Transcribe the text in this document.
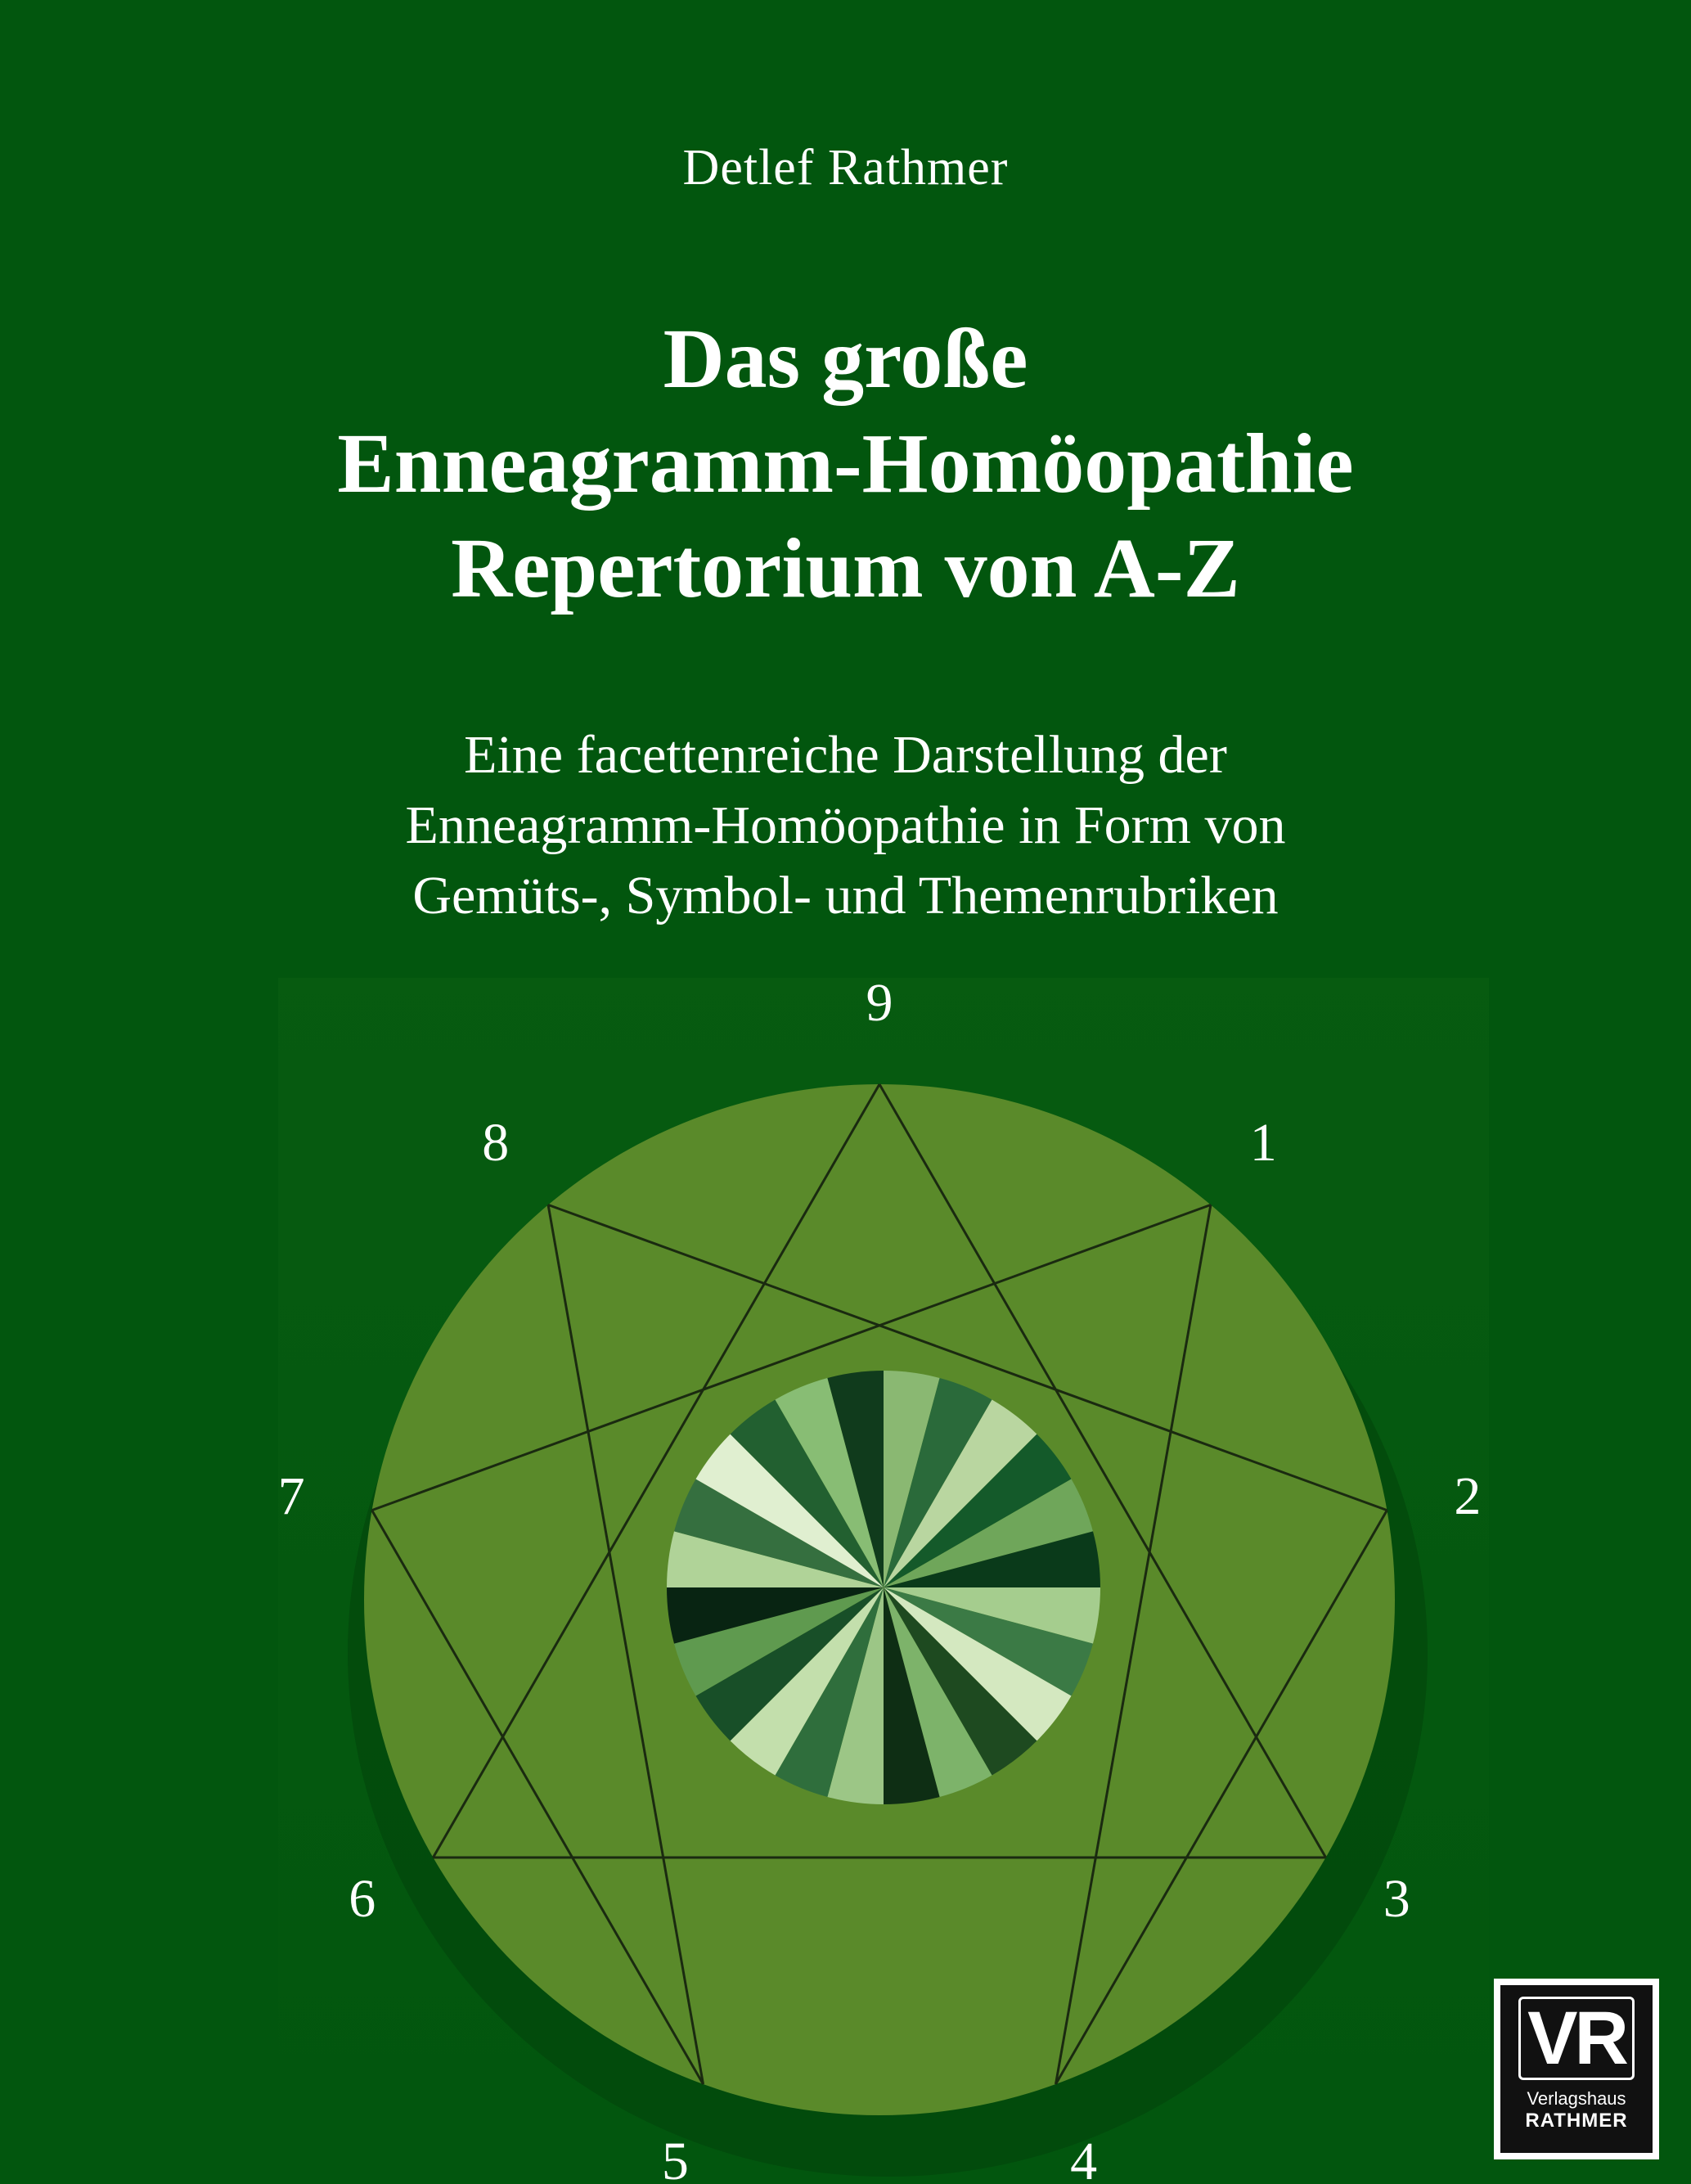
Detlef Rathmer
Das große
Enneagramm-Homöopathie
Repertorium von A-Z
Eine facettenreiche Darstellung der
Enneagramm-Homöopathie in Form von
Gemüts-, Symbol- und Themenrubriken
9
1
2
3
4
5
6
7
8
VR
Verlagshaus
RATHMER
